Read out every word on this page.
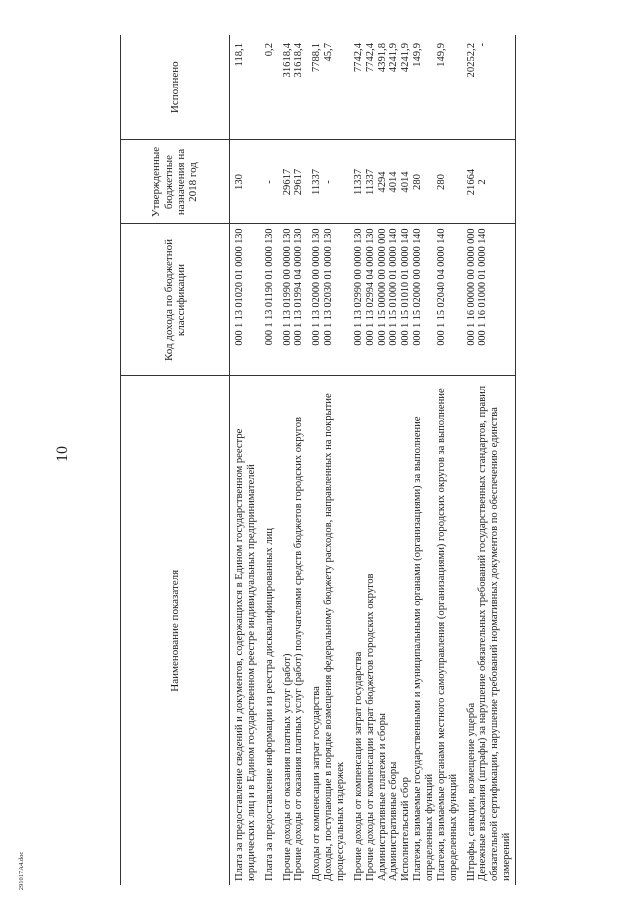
10
Наименование показателя	Код дохода по бюджетной классификации	Утвержденные бюджетные назначения на 2018 год	Исполнено
Плата за предоставление сведений и документов, содержащихся в Едином государственном реестре юридических лиц и в Едином государственном реестре индивидуальных предпринимателей	000 1 13 01020 01 0000 130	130	118,1
Плата за предоставление информации из реестра дисквалифицированных лиц	000 1 13 01190 01 0000 130	-	0,2
Прочие доходы от оказания платных услуг (работ)	000 1 13 01990 00 0000 130	29617	31618,4
Прочие доходы от оказания платных услуг (работ) получателями средств бюджетов городских округов	000 1 13 01994 04 0000 130	29617	31618,4
Доходы от компенсации затрат государства	000 1 13 02000 00 0000 130	11337	7788,1
Доходы, поступающие в порядке возмещения федеральному бюджету расходов, направленных на покрытие процессуальных издержек	000 1 13 02030 01 0000 130	-	45,7
Прочие доходы от компенсации затрат государства	000 1 13 02990 00 0000 130	11337	7742,4
Прочие доходы от компенсации затрат бюджетов городских округов	000 1 13 02994 04 0000 130	11337	7742,4
Административные платежи и сборы	000 1 15 00000 00 0000 000	4294	4391,8
Административные сборы	000 1 15 01000 01 0000 140	4014	4241,9
Исполнительский сбор	000 1 15 01010 01 0000 140	4014	4241,9
Платежи, взимаемые государственными и муниципальными органами (организациями) за выполнение определенных функций	000 1 15 02000 00 0000 140	280	149,9
Платежи, взимаемые органами местного самоуправления (организациями) городских округов за выполнение определенных функций	000 1 15 02040 04 0000 140	280	149,9
Штрафы, санкции, возмещение ущерба	000 1 16 00000 00 0000 000	21664	20252,2
Денежные взыскания (штрафы) за нарушение обязательных требований государственных стандартов, правил обязательной сертификации, нарушение требований нормативных документов по обеспечению единства измерений	000 1 16 01000 01 0000 140	2	-
291017A4.doc
